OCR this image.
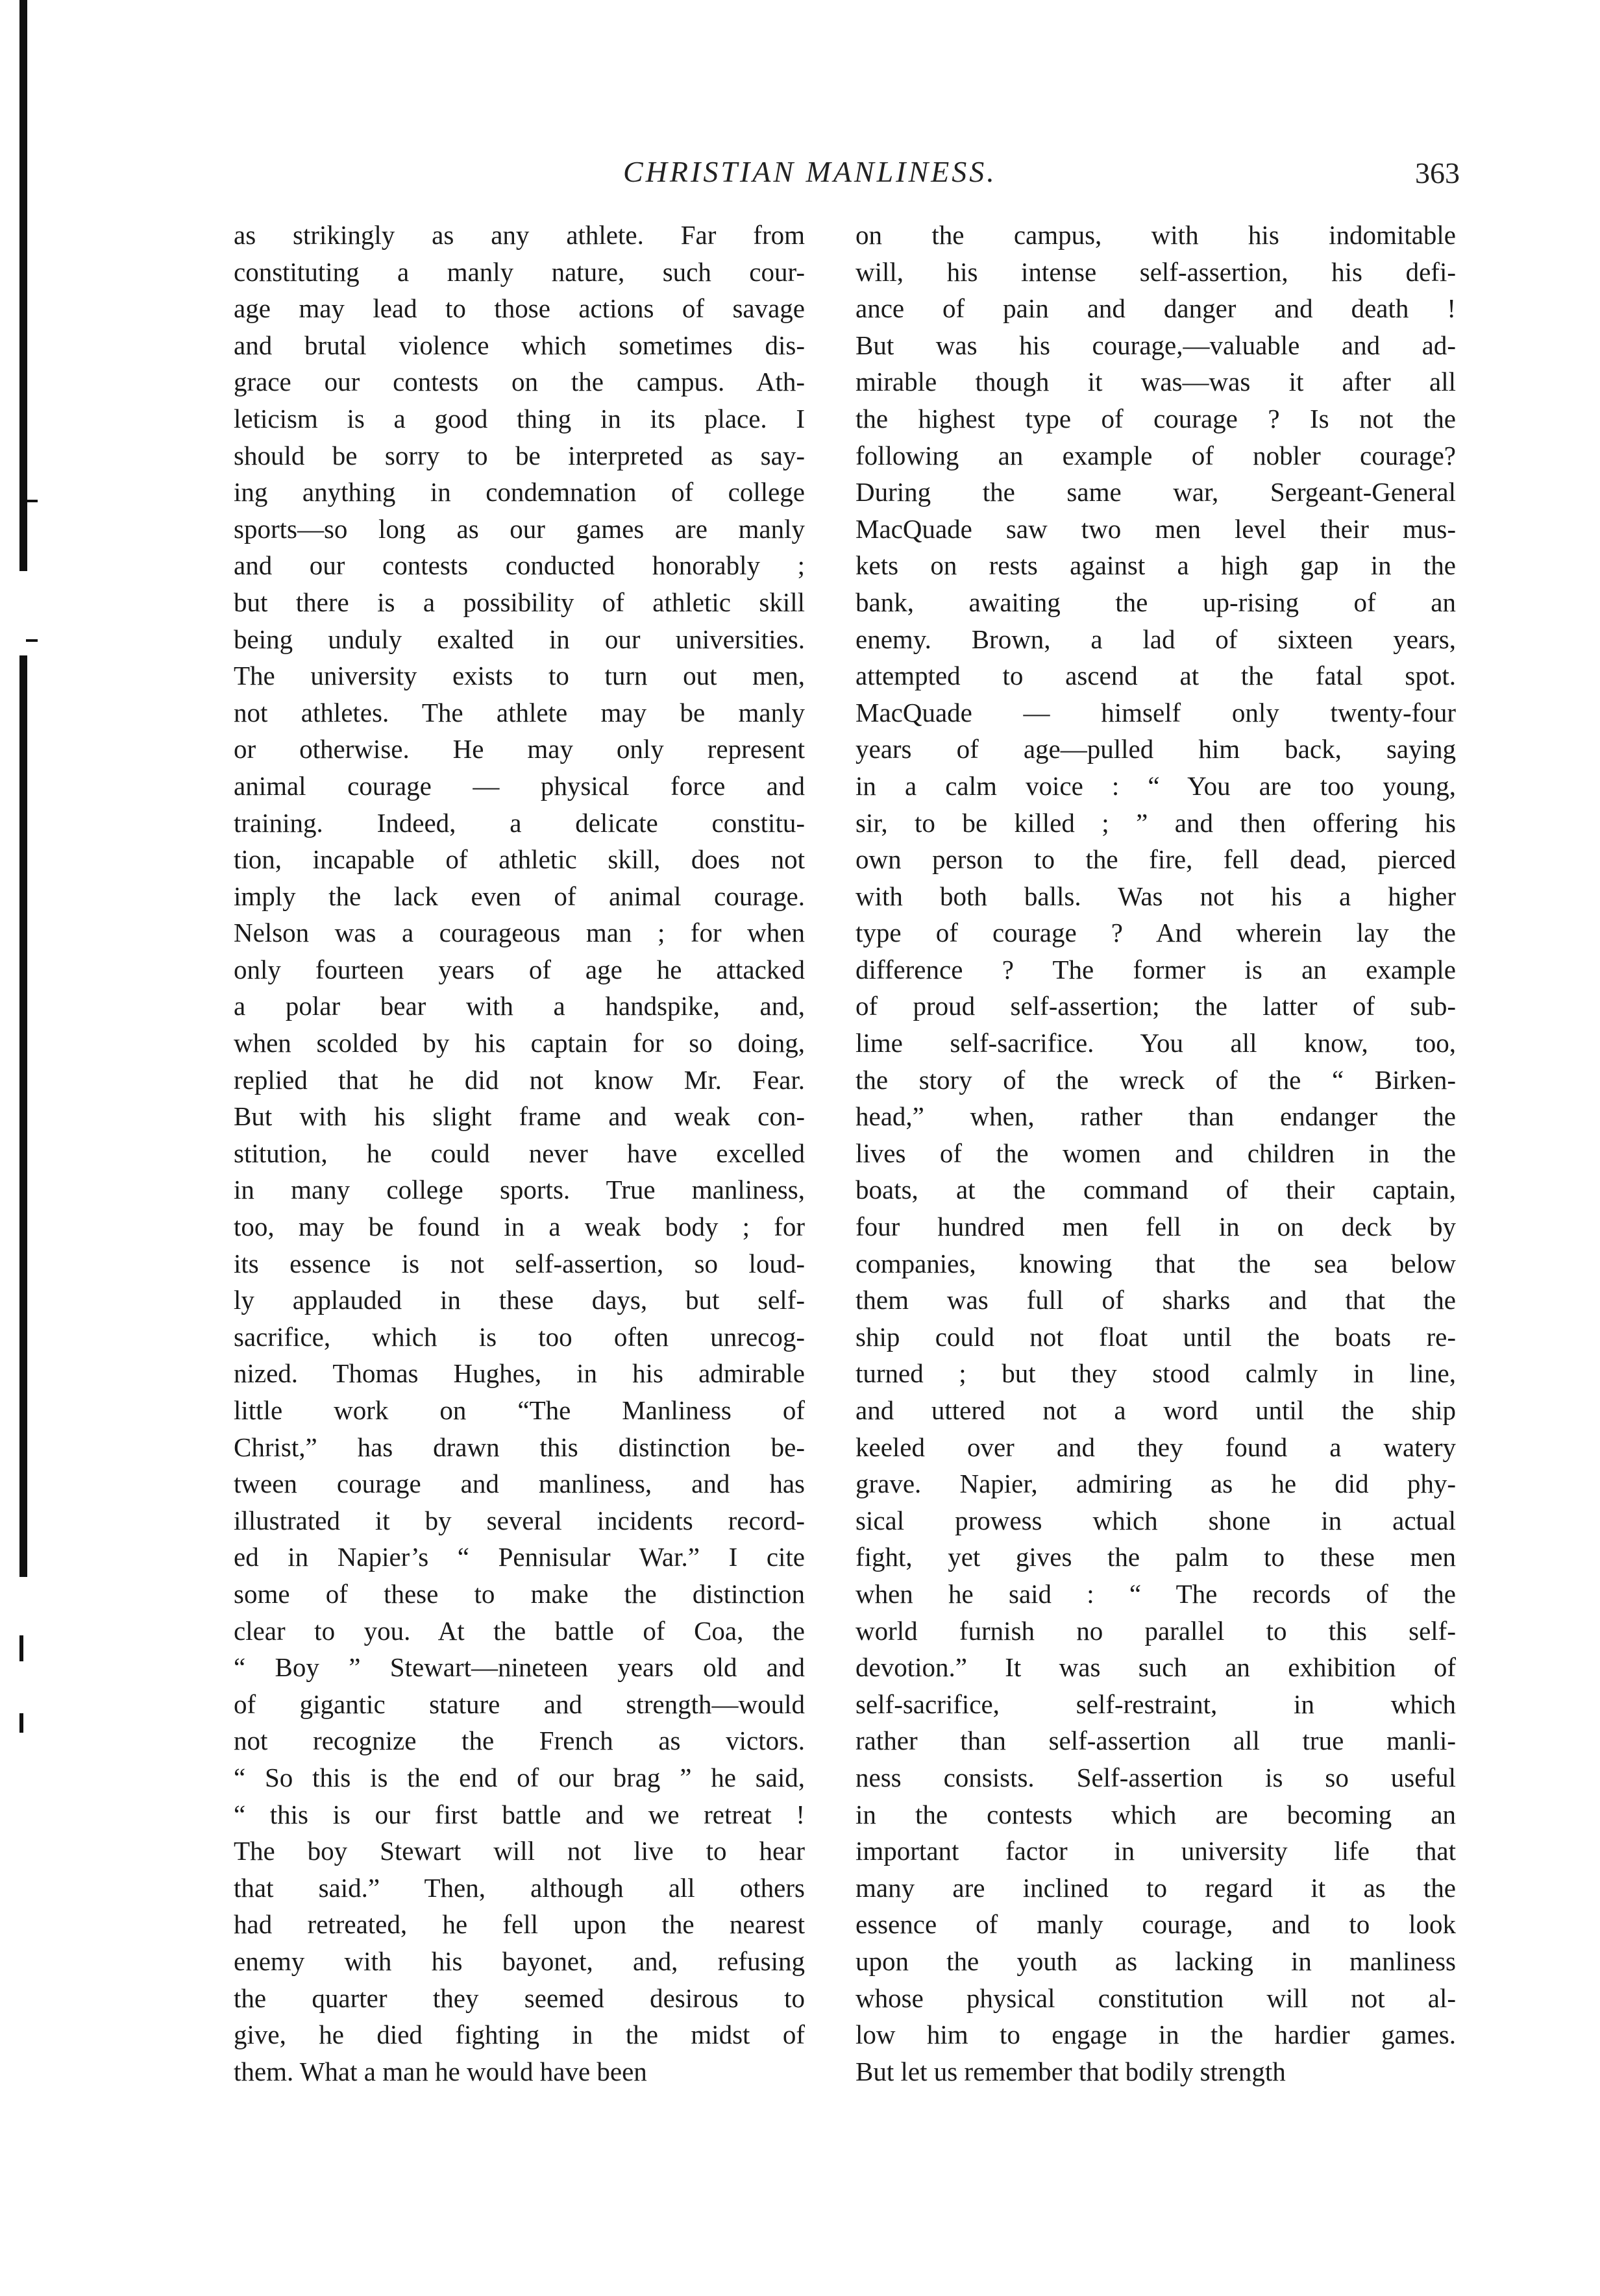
CHRISTIAN MANLINESS.	363
as strikingly as any athlete. Far from
constituting a manly nature, such cour-
age may lead to those actions of savage
and brutal violence which sometimes dis-
grace our contests on the campus. Ath-
leticism is a good thing in its place. I
should be sorry to be interpreted as say-
ing anything in condemnation of college
sports—so long as our games are manly
and our contests conducted honorably ;
but there is a possibility of athletic skill
being unduly exalted in our universities.
The university exists to turn out men,
not athletes. The athlete may be manly
or otherwise. He may only represent
animal courage — physical force and
training. Indeed, a delicate constitu-
tion, incapable of athletic skill, does not
imply the lack even of animal courage.
Nelson was a courageous man ; for when
only fourteen years of age he attacked
a polar bear with a handspike, and,
when scolded by his captain for so doing,
replied that he did not know Mr. Fear.
But with his slight frame and weak con-
stitution, he could never have excelled
in many college sports. True manliness,
too, may be found in a weak body ; for
its essence is not self-assertion, so loud-
ly applauded in these days, but self-
sacrifice, which is too often unrecog-
nized. Thomas Hughes, in his admirable
little work on “The Manliness of
Christ,” has drawn this distinction be-
tween courage and manliness, and has
illustrated it by several incidents record-
ed in Napier’s “ Pennisular War.” I cite
some of these to make the distinction
clear to you. At the battle of Coa, the
“ Boy ” Stewart—nineteen years old and
of gigantic stature and strength—would
not recognize the French as victors.
“ So this is the end of our brag ” he said,
“ this is our first battle and we retreat !
The boy Stewart will not live to hear
that said.” Then, although all others
had retreated, he fell upon the nearest
enemy with his bayonet, and, refusing
the quarter they seemed desirous to
give, he died fighting in the midst of
them. What a man he would have been
on the campus, with his indomitable
will, his intense self-assertion, his defi-
ance of pain and danger and death !
But was his courage,—valuable and ad-
mirable though it was—was it after all
the highest type of courage ? Is not the
following an example of nobler courage?
During the same war, Sergeant-General
MacQuade saw two men level their mus-
kets on rests against a high gap in the
bank, awaiting the up-rising of an
enemy. Brown, a lad of sixteen years,
attempted to ascend at the fatal spot.
MacQuade — himself only twenty-four
years of age—pulled him back, saying
in a calm voice : “ You are too young,
sir, to be killed ; ” and then offering his
own person to the fire, fell dead, pierced
with both balls. Was not his a higher
type of courage ? And wherein lay the
difference ? The former is an example
of proud self-assertion; the latter of sub-
lime self-sacrifice. You all know, too,
the story of the wreck of the “ Birken-
head,” when, rather than endanger the
lives of the women and children in the
boats, at the command of their captain,
four hundred men fell in on deck by
companies, knowing that the sea below
them was full of sharks and that the
ship could not float until the boats re-
turned ; but they stood calmly in line,
and uttered not a word until the ship
keeled over and they found a watery
grave. Napier, admiring as he did phy-
sical prowess which shone in actual
fight, yet gives the palm to these men
when he said : “ The records of the
world furnish no parallel to this self-
devotion.” It was such an exhibition of
self-sacrifice, self-restraint, in which
rather than self-assertion all true manli-
ness consists. Self-assertion is so useful
in the contests which are becoming an
important factor in university life that
many are inclined to regard it as the
essence of manly courage, and to look
upon the youth as lacking in manliness
whose physical constitution will not al-
low him to engage in the hardier games.
But let us remember that bodily strength
